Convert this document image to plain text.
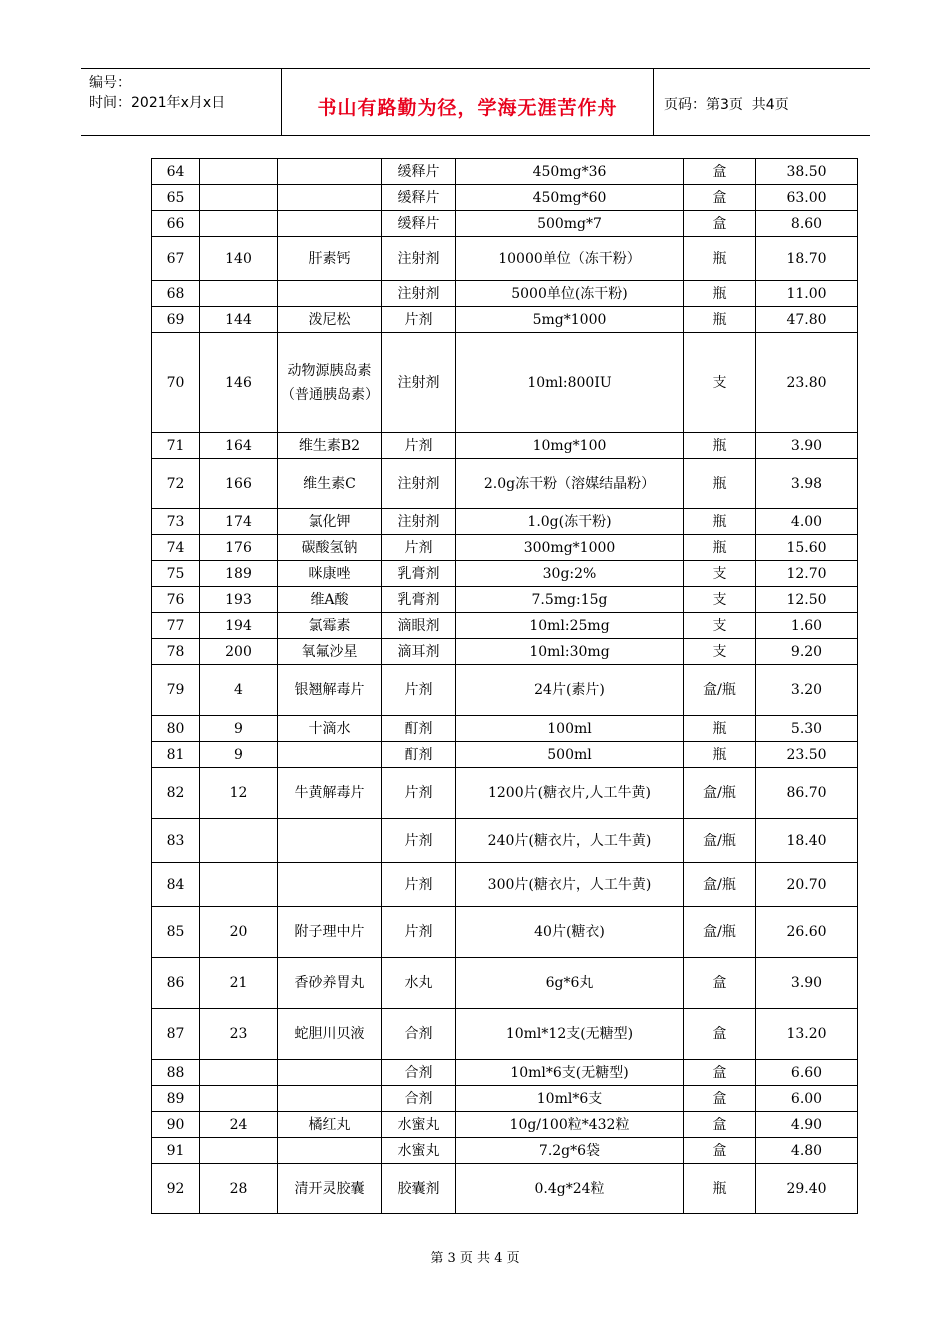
编号：
时间：2021年x月x日	书山有路勤为径，学海无涯苦作舟	页码：第3页  共4页
64			缓释片	450mg*36	盒	38.50
65			缓释片	450mg*60	盒	63.00
66			缓释片	500mg*7	盒	8.60
67	140	肝素钙	注射剂	10000单位（冻干粉）	瓶	18.70
68			注射剂	5000单位(冻干粉)	瓶	11.00
69	144	泼尼松	片剂	5mg*1000	瓶	47.80
70	146	动物源胰岛素（普通胰岛素）	注射剂	10ml:800IU	支	23.80
71	164	维生素B2	片剂	10mg*100	瓶	3.90
72	166	维生素C	注射剂	2.0g冻干粉（溶媒结晶粉）	瓶	3.98
73	174	氯化钾	注射剂	1.0g(冻干粉)	瓶	4.00
74	176	碳酸氢钠	片剂	300mg*1000	瓶	15.60
75	189	咪康唑	乳膏剂	30g:2%	支	12.70
76	193	维A酸	乳膏剂	7.5mg:15g	支	12.50
77	194	氯霉素	滴眼剂	10ml:25mg	支	1.60
78	200	氧氟沙星	滴耳剂	10ml:30mg	支	9.20
79	4	银翘解毒片	片剂	24片(素片)	盒/瓶	3.20
80	9	十滴水	酊剂	100ml	瓶	5.30
81	9		酊剂	500ml	瓶	23.50
82	12	牛黄解毒片	片剂	1200片(糖衣片,人工牛黄)	盒/瓶	86.70
83			片剂	240片(糖衣片，人工牛黄)	盒/瓶	18.40
84			片剂	300片(糖衣片，人工牛黄)	盒/瓶	20.70
85	20	附子理中片	片剂	40片(糖衣)	盒/瓶	26.60
86	21	香砂养胃丸	水丸	6g*6丸	盒	3.90
87	23	蛇胆川贝液	合剂	10ml*12支(无糖型)	盒	13.20
88			合剂	10ml*6支(无糖型)	盒	6.60
89			合剂	10ml*6支	盒	6.00
90	24	橘红丸	水蜜丸	10g/100粒*432粒	盒	4.90
91			水蜜丸	7.2g*6袋	盒	4.80
92	28	清开灵胶囊	胶囊剂	0.4g*24粒	瓶	29.40
第 3 页 共 4 页
